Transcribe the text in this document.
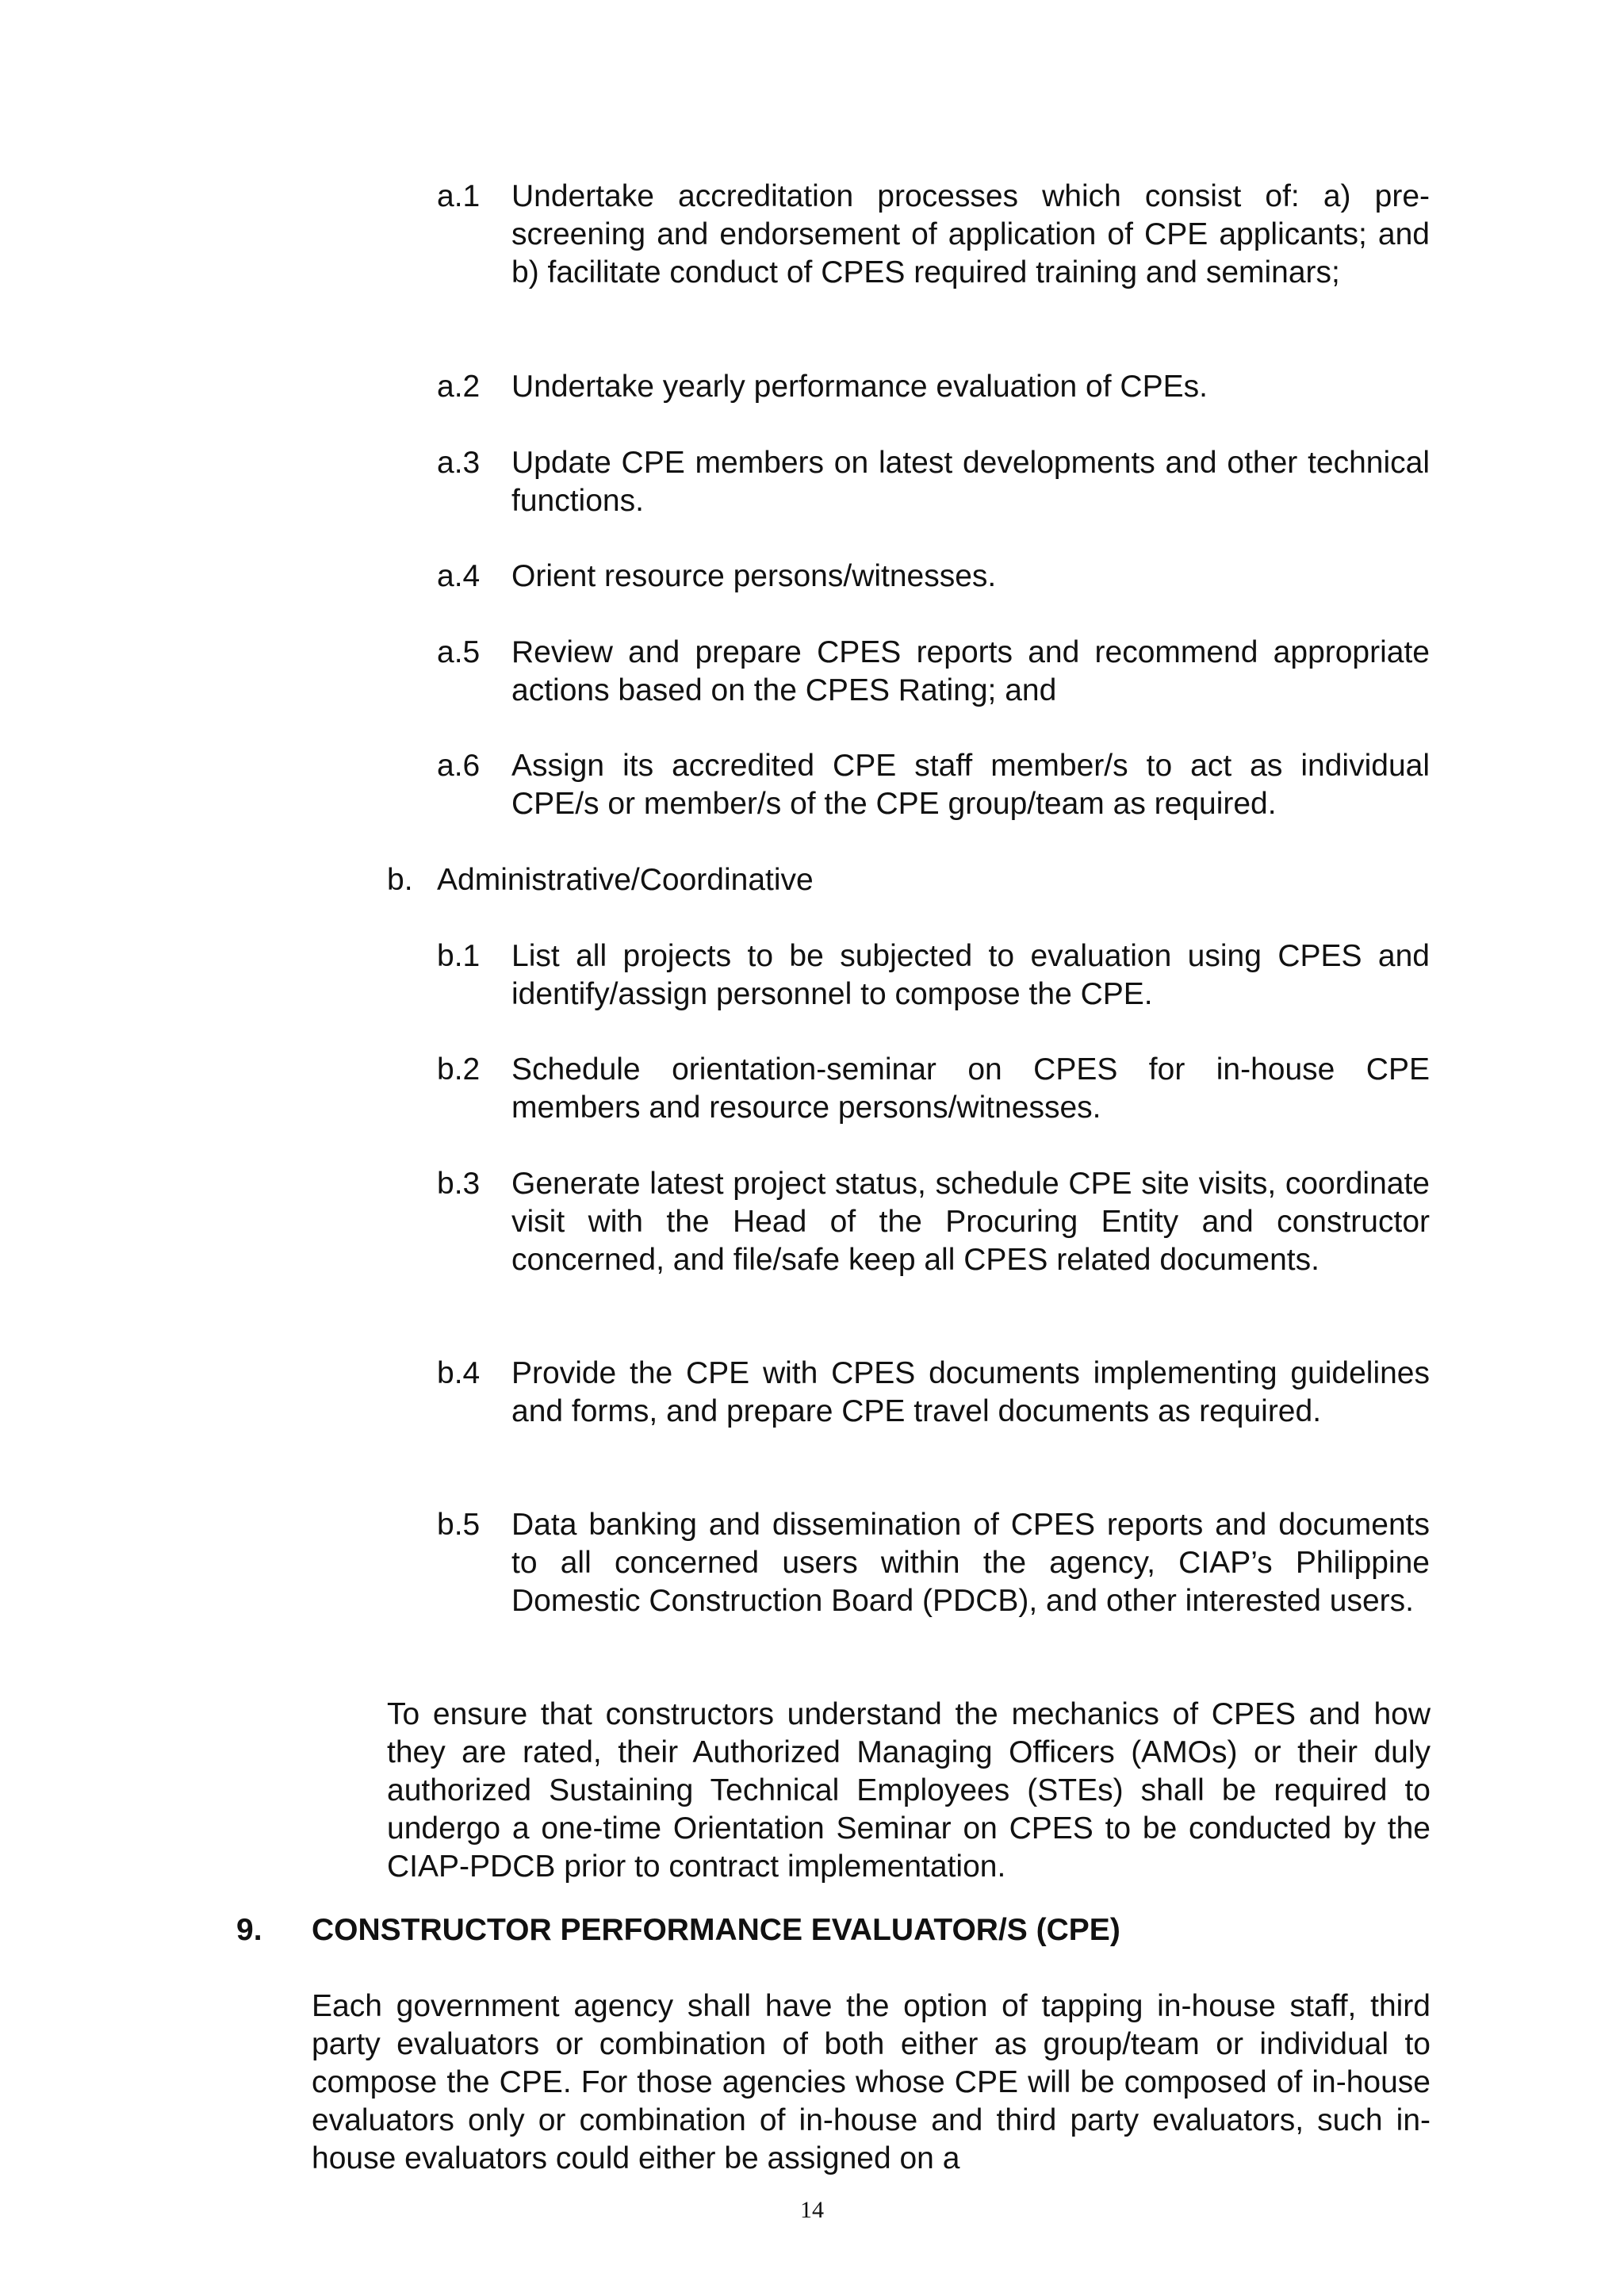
a.1 Undertake accreditation processes which consist of: a) pre-screening and endorsement of application of CPE applicants; and b) facilitate conduct of CPES required training and seminars;

a.2 Undertake yearly performance evaluation of CPEs.

a.3 Update CPE members on latest developments and other technical functions.

a.4 Orient resource persons/witnesses.

a.5 Review and prepare CPES reports and recommend appropriate actions based on the CPES Rating; and

a.6 Assign its accredited CPE staff member/s to act as individual CPE/s or member/s of the CPE group/team as required.

b. Administrative/Coordinative
b.1 List all projects to be subjected to evaluation using CPES and identify/assign personnel to compose the CPE.

b.2 Schedule orientation-seminar on CPES for in-house CPE members and resource persons/witnesses.

b.3 Generate latest project status, schedule CPE site visits, coordinate visit with the Head of the Procuring Entity and constructor concerned, and file/safe keep all CPES related documents.

b.4 Provide the CPE with CPES documents implementing guidelines and forms, and prepare CPE travel documents as required.

b.5 Data banking and dissemination of CPES reports and documents to all concerned users within the agency, CIAP’s Philippine Domestic Construction Board (PDCB), and other interested users.

To ensure that constructors understand the mechanics of CPES and how they are rated, their Authorized Managing Officers (AMOs) or their duly authorized Sustaining Technical Employees (STEs) shall be required to undergo a one-time Orientation Seminar on CPES to be conducted by the CIAP-PDCB prior to contract implementation.

9. CONSTRUCTOR PERFORMANCE EVALUATOR/S (CPE)

Each government agency shall have the option of tapping in-house staff, third party evaluators or combination of both either as group/team or individual to compose the CPE. For those agencies whose CPE will be composed of in-house evaluators only or combination of in-house and third party evaluators, such in-house evaluators could either be assigned on a

14
